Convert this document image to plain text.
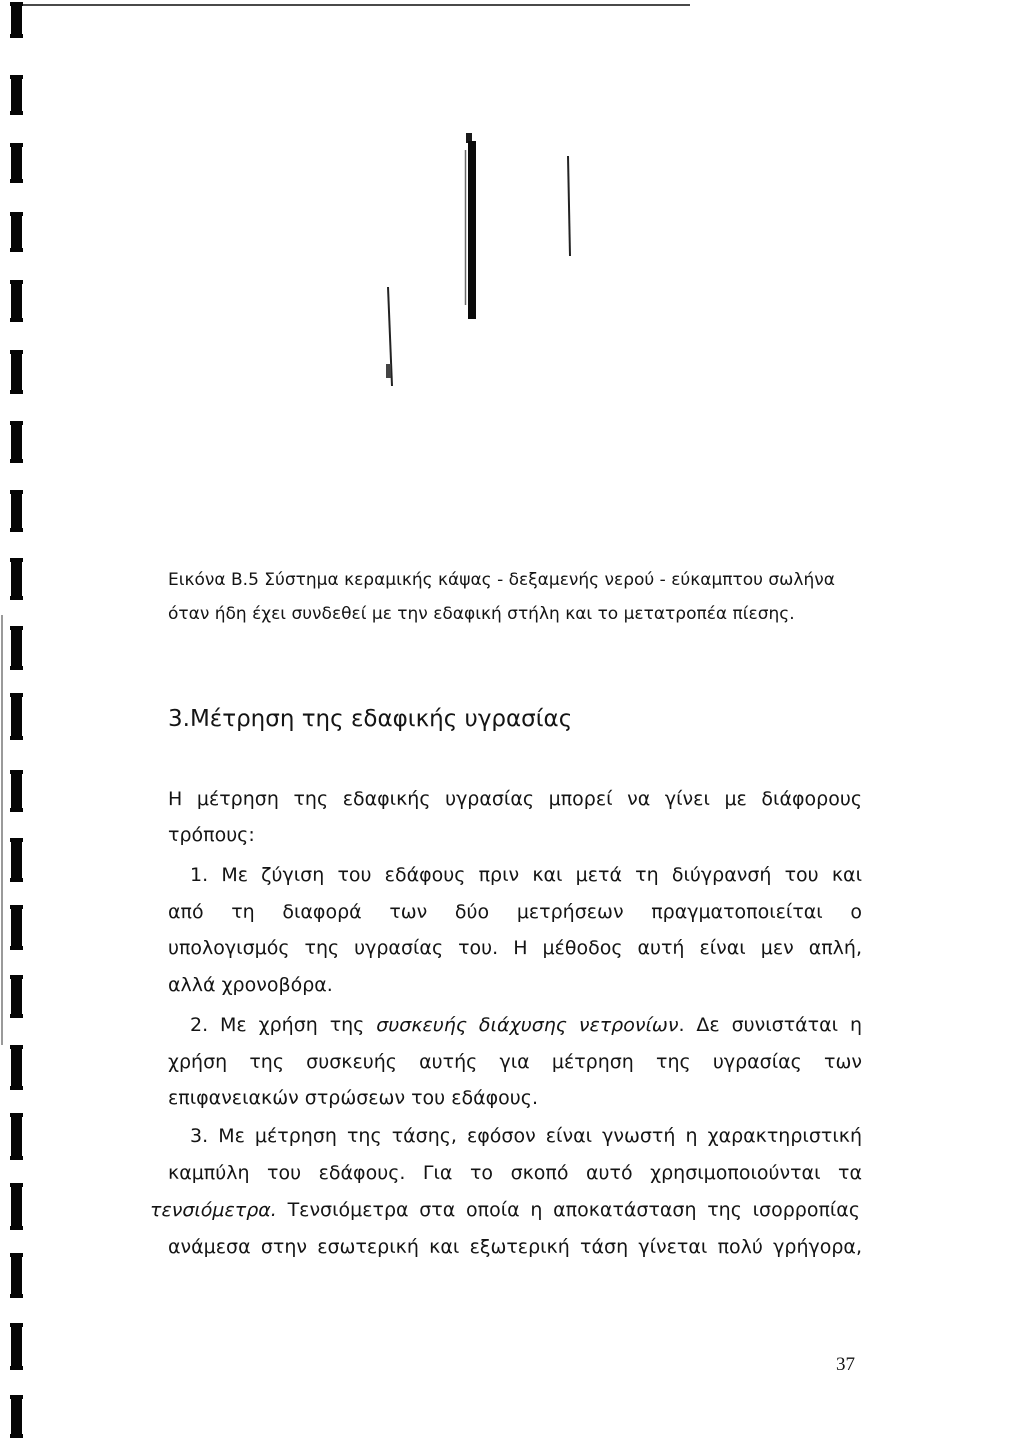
Εικόνα Β.5 Σύστημα κεραμικής κάψας - δεξαμενής νερού - εύκαμπτου σωλήνα
όταν ήδη έχει συνδεθεί με την εδαφική στήλη και το μετατροπέα πίεσης.
3.Μέτρηση της εδαφικής υγρασίας
Η μέτρηση της εδαφικής υγρασίας μπορεί να γίνει με διάφορους
τρόπους:
1. Με ζύγιση του εδάφους πριν και μετά τη διύγρανσή του και
από τη διαφορά των δύο μετρήσεων πραγματοποιείται ο
υπολογισμός της υγρασίας του. Η μέθοδος αυτή είναι μεν απλή,
αλλά χρονοβόρα.
2. Με χρήση της συσκευής διάχυσης νετρονίων. Δε συνιστάται η
χρήση της συσκευής αυτής για μέτρηση της υγρασίας των
επιφανειακών στρώσεων του εδάφους.
3. Με μέτρηση της τάσης, εφόσον είναι γνωστή η χαρακτηριστική
καμπύλη του εδάφους. Για το σκοπό αυτό χρησιμοποιούνται τα
τενσιόμετρα. Τενσιόμετρα στα οποία η αποκατάσταση της ισορροπίας
ανάμεσα στην εσωτερική και εξωτερική τάση γίνεται πολύ γρήγορα,
37
